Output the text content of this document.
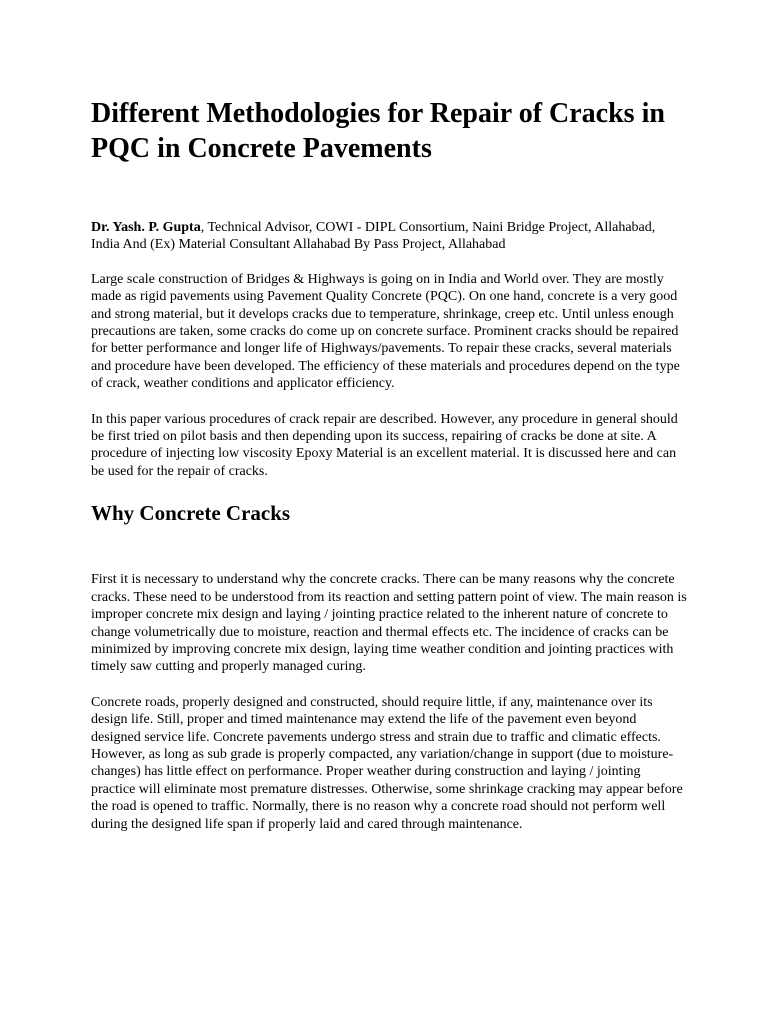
Different Methodologies for Repair of Cracks in PQC in Concrete Pavements

Dr. Yash. P. Gupta, Technical Advisor, COWI - DIPL Consortium, Naini Bridge Project, Allahabad, India And (Ex) Material Consultant Allahabad By Pass Project, Allahabad

Large scale construction of Bridges & Highways is going on in India and World over. They are mostly made as rigid pavements using Pavement Quality Concrete (PQC). On one hand, concrete is a very good and strong material, but it develops cracks due to temperature, shrinkage, creep etc. Until unless enough precautions are taken, some cracks do come up on concrete surface. Prominent cracks should be repaired for better performance and longer life of Highways/pavements. To repair these cracks, several materials and procedure have been developed. The efficiency of these materials and procedures depend on the type of crack, weather conditions and applicator efficiency.

In this paper various procedures of crack repair are described. However, any procedure in general should be first tried on pilot basis and then depending upon its success, repairing of cracks be done at site. A procedure of injecting low viscosity Epoxy Material is an excellent material. It is discussed here and can be used for the repair of cracks.

Why Concrete Cracks

First it is necessary to understand why the concrete cracks. There can be many reasons why the concrete cracks. These need to be understood from its reaction and setting pattern point of view. The main reason is improper concrete mix design and laying / jointing practice related to the inherent nature of concrete to change volumetrically due to moisture, reaction and thermal effects etc. The incidence of cracks can be minimized by improving concrete mix design, laying time weather condition and jointing practices with timely saw cutting and properly managed curing.

Concrete roads, properly designed and constructed, should require little, if any, maintenance over its design life. Still, proper and timed maintenance may extend the life of the pavement even beyond designed service life. Concrete pavements undergo stress and strain due to traffic and climatic effects. However, as long as sub grade is properly compacted, any variation/change in support (due to moisture-changes) has little effect on performance. Proper weather during construction and laying / jointing practice will eliminate most premature distresses. Otherwise, some shrinkage cracking may appear before the road is opened to traffic. Normally, there is no reason why a concrete road should not perform well during the designed life span if properly laid and cared through maintenance.
